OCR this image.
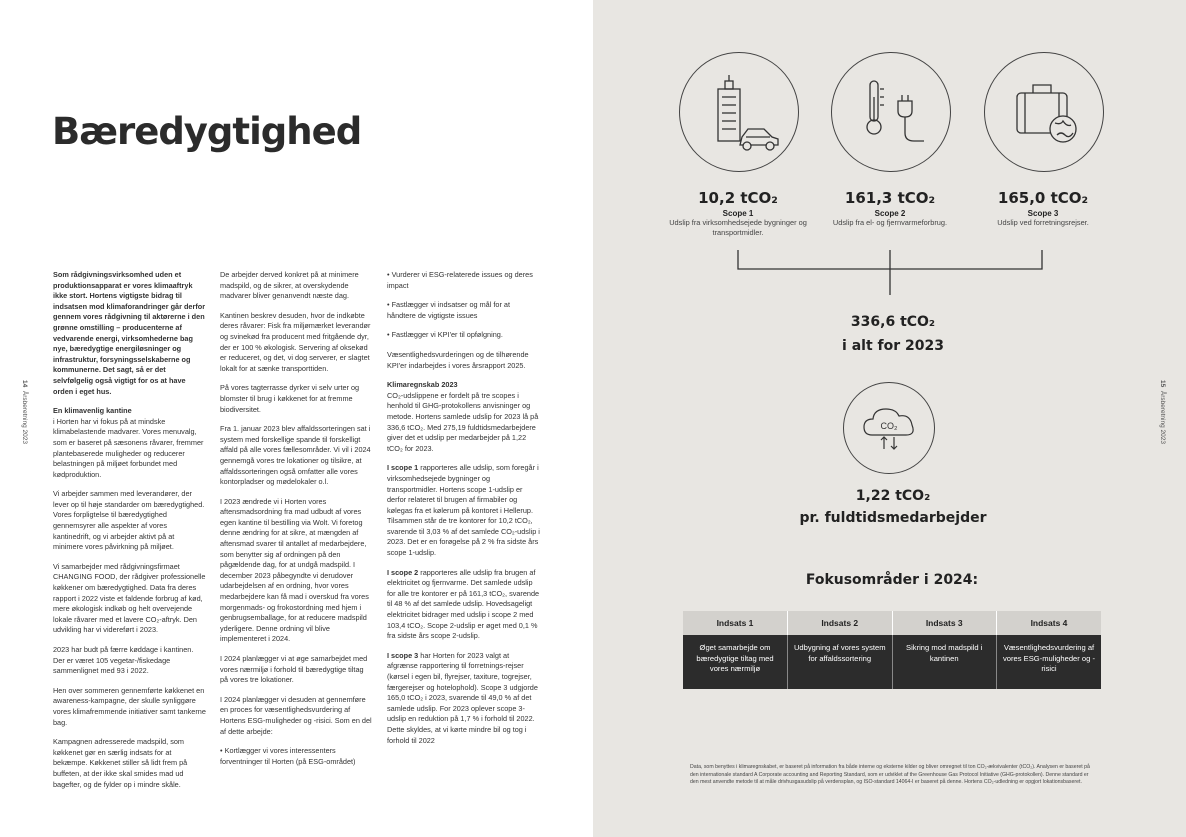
Bæredygtighed
14  Årsberetning 2023

Som rådgivningsvirksomhed uden et produktionsapparat er vores klimaaftryk ikke stort. Hortens vigtigste bidrag til indsatsen mod klimaforandringer går derfor gennem vores rådgivning til aktørerne i den grønne omstilling – producenterne af vedvarende energi, virksomhederne bag nye, bæredygtige energiløsninger og infrastruktur, forsyningsselskaberne og kommunerne. Det sagt, så er det selvfølgelig også vigtigt for os at have orden i eget hus.

En klimavenlig kantine

i Horten har vi fokus på at mindske klimabelastende madvarer. Vores menuvalg, som er baseret på sæsonens råvarer, fremmer plantebaserede muligheder og reducerer belastningen på miljøet forbundet med kødproduktion.

Vi arbejder sammen med leverandører, der lever op til høje standarder om bæredygtighed. Vores forpligtelse til bæredygtighed gennemsyrer alle aspekter af vores kantinedrift, og vi arbejder aktivt på at minimere vores påvirkning på miljøet.

Vi samarbejder med rådgivningsfirmaet CHANGING FOOD, der rådgiver professionelle køkkener om bæredygtighed. Data fra deres rapport i 2022 viste et faldende forbrug af kød, mere økologisk indkøb og helt overvejende lokale råvarer med et lavere CO₂-aftryk. Den udvikling har vi videreført i 2023.

2023 har budt på færre køddage i kantinen. Der er været 105 vegetar-/fiskedage sammenlignet med 93 i 2022.

Hen over sommeren gennemførte køkkenet en awareness-kampagne, der skulle synliggøre vores klimafremmende initiativer samt tankerne bag.

Kampagnen adresserede madspild, som køkkenet gør en særlig indsats for at bekæmpe. Køkkenet stiller så lidt frem på buffeten, at der ikke skal smides mad ud bagefter, og de fylder op i mindre skåle.

De arbejder derved konkret på at minimere madspild, og de sikrer, at overskydende madvarer bliver genanvendt næste dag.

Kantinen beskrev desuden, hvor de indkøbte deres råvarer: Fisk fra miljømærket leverandør og svinekød fra producent med fritgående dyr, der er 100 % økologisk. Servering af oksekød er reduceret, og det, vi dog serverer, er slagtet lokalt for at sænke transporttiden.

På vores tagterrasse dyrker vi selv urter og blomster til brug i køkkenet for at fremme biodiversitet.

Fra 1. januar 2023 blev affaldssorteringen sat i system med forskellige spande til forskelligt affald på alle vores fællesområder. Vi vil i 2024 gennemgå vores tre lokationer og tilsikre, at affaldssorteringen også omfatter alle vores kontorpladser og mødelokaler o.l.

I 2023 ændrede vi i Horten vores aftensmadsordning fra mad udbudt af vores egen kantine til bestilling via Wolt. Vi foretog denne ændring for at sikre, at mængden af aftensmad svarer til antallet af medarbejdere, som benytter sig af ordningen på den pågældende dag, for at undgå madspild. I december 2023 påbegyndte vi derudover udarbejdelsen af en ordning, hvor vores medarbejdere kan få mad i overskud fra vores morgenmads- og frokostordning med hjem i genbrugsemballage, for at reducere madspild yderligere. Denne ordning vil blive implementeret i 2024.

I 2024 planlægger vi at øge samarbejdet med vores nærmiljø i forhold til bæredygtige tiltag på vores tre lokationer.

I 2024 planlægger vi desuden at gennemføre en proces for væsentlighedsvurdering af Hortens ESG-muligheder og -risici. Som en del af dette arbejde:

• Kortlægger vi vores interessenters forventninger til Horten (på ESG-området)

• Vurderer vi ESG-relaterede issues og deres impact

• Fastlægger vi indsatser og mål for at håndtere de vigtigste issues

• Fastlægger vi KPI'er til opfølgning.

Væsentlighedsvurderingen og de tilhørende KPI'er indarbejdes i vores årsrapport 2025.

Klimaregnskab 2023

CO₂-udslippene er fordelt på tre scopes i henhold til GHG-protokollens anvisninger og metode. Hortens samlede udslip for 2023 lå på 336,6 tCO₂. Med 275,19 fuldtidsmedarbejdere giver det et udslip per medarbejder på 1,22 tCO₂ for 2023.

I scope 1 rapporteres alle udslip, som foregår i virksomhedsejede bygninger og transportmidler. Hortens scope 1-udslip er derfor relateret til brugen af firmabiler og kølegas fra et kølerum på kontoret i Hellerup. Tilsammen står de tre kontorer for 10,2 tCO₂, svarende til 3,03 % af det samlede CO₂-udslip i 2023. Det er en forøgelse på 2 % fra sidste års scope 1-udslip.

I scope 2 rapporteres alle udslip fra brugen af elektricitet og fjernvarme. Det samlede udslip for alle tre kontorer er på 161,3 tCO₂, svarende til 48 % af det samlede udslip. Hovedsageligt elektricitet bidrager med udslip i scope 2 med 103,4 tCO₂. Scope 2-udslip er øget med 0,1 % fra sidste års scope 2-udslip.

I scope 3 har Horten for 2023 valgt at afgrænse rapportering til forretnings-rejser (kørsel i egen bil, flyrejser, taxiture, togrejser, færgerejser og hotelophold). Scope 3 udgjorde 165,0 tCO₂ i 2023, svarende til 49,0 % af det samlede udslip. For 2023 oplever scope 3-udslip en reduktion på 1,7 % i forhold til 2022. Dette skyldes, at vi kørte mindre bil og tog i forhold til 2022

15  Årsberetning 2023
10,2 tCO₂
Scope 1
Udslip fra virksomhedsejede bygninger og transportmidler.
161,3 tCO₂
Scope 2
Udslip fra el- og fjernvarmeforbrug.
165,0 tCO₂
Scope 3
Udslip ved forretningsrejser.
336,6 tCO₂
i alt for 2023
CO₂
1,22 tCO₂
pr. fuldtidsmedarbejder
Fokusområder i 2024:
Indsats 1	Indsats 2	Indsats 3	Indsats 4
Øget samarbejde om bæredygtige tiltag med vores nærmiljø	Udbygning af vores system for affaldssortering	Sikring mod madspild i kantinen	Væsentlighedsvurdering af vores ESG-muligheder og -risici
Data, som benyttes i klimaregnskabet, er baseret på information fra både interne og eksterne kilder og bliver omregnet til ton CO₂-ækvivalenter (tCO₂). Analysen er baseret på den internationale standard A Corporate accounting and Reporting Standard, som er udviklet af the Greenhouse Gas Protocol Initiative (GHG-protokollen). Denne standard er den mest anvendte metode til at måle drivhusgasudslip på verdensplan, og ISO-standard 14064-I er baseret på denne. Hortens CO₂-udledning er opgjort lokationsbaseret.
